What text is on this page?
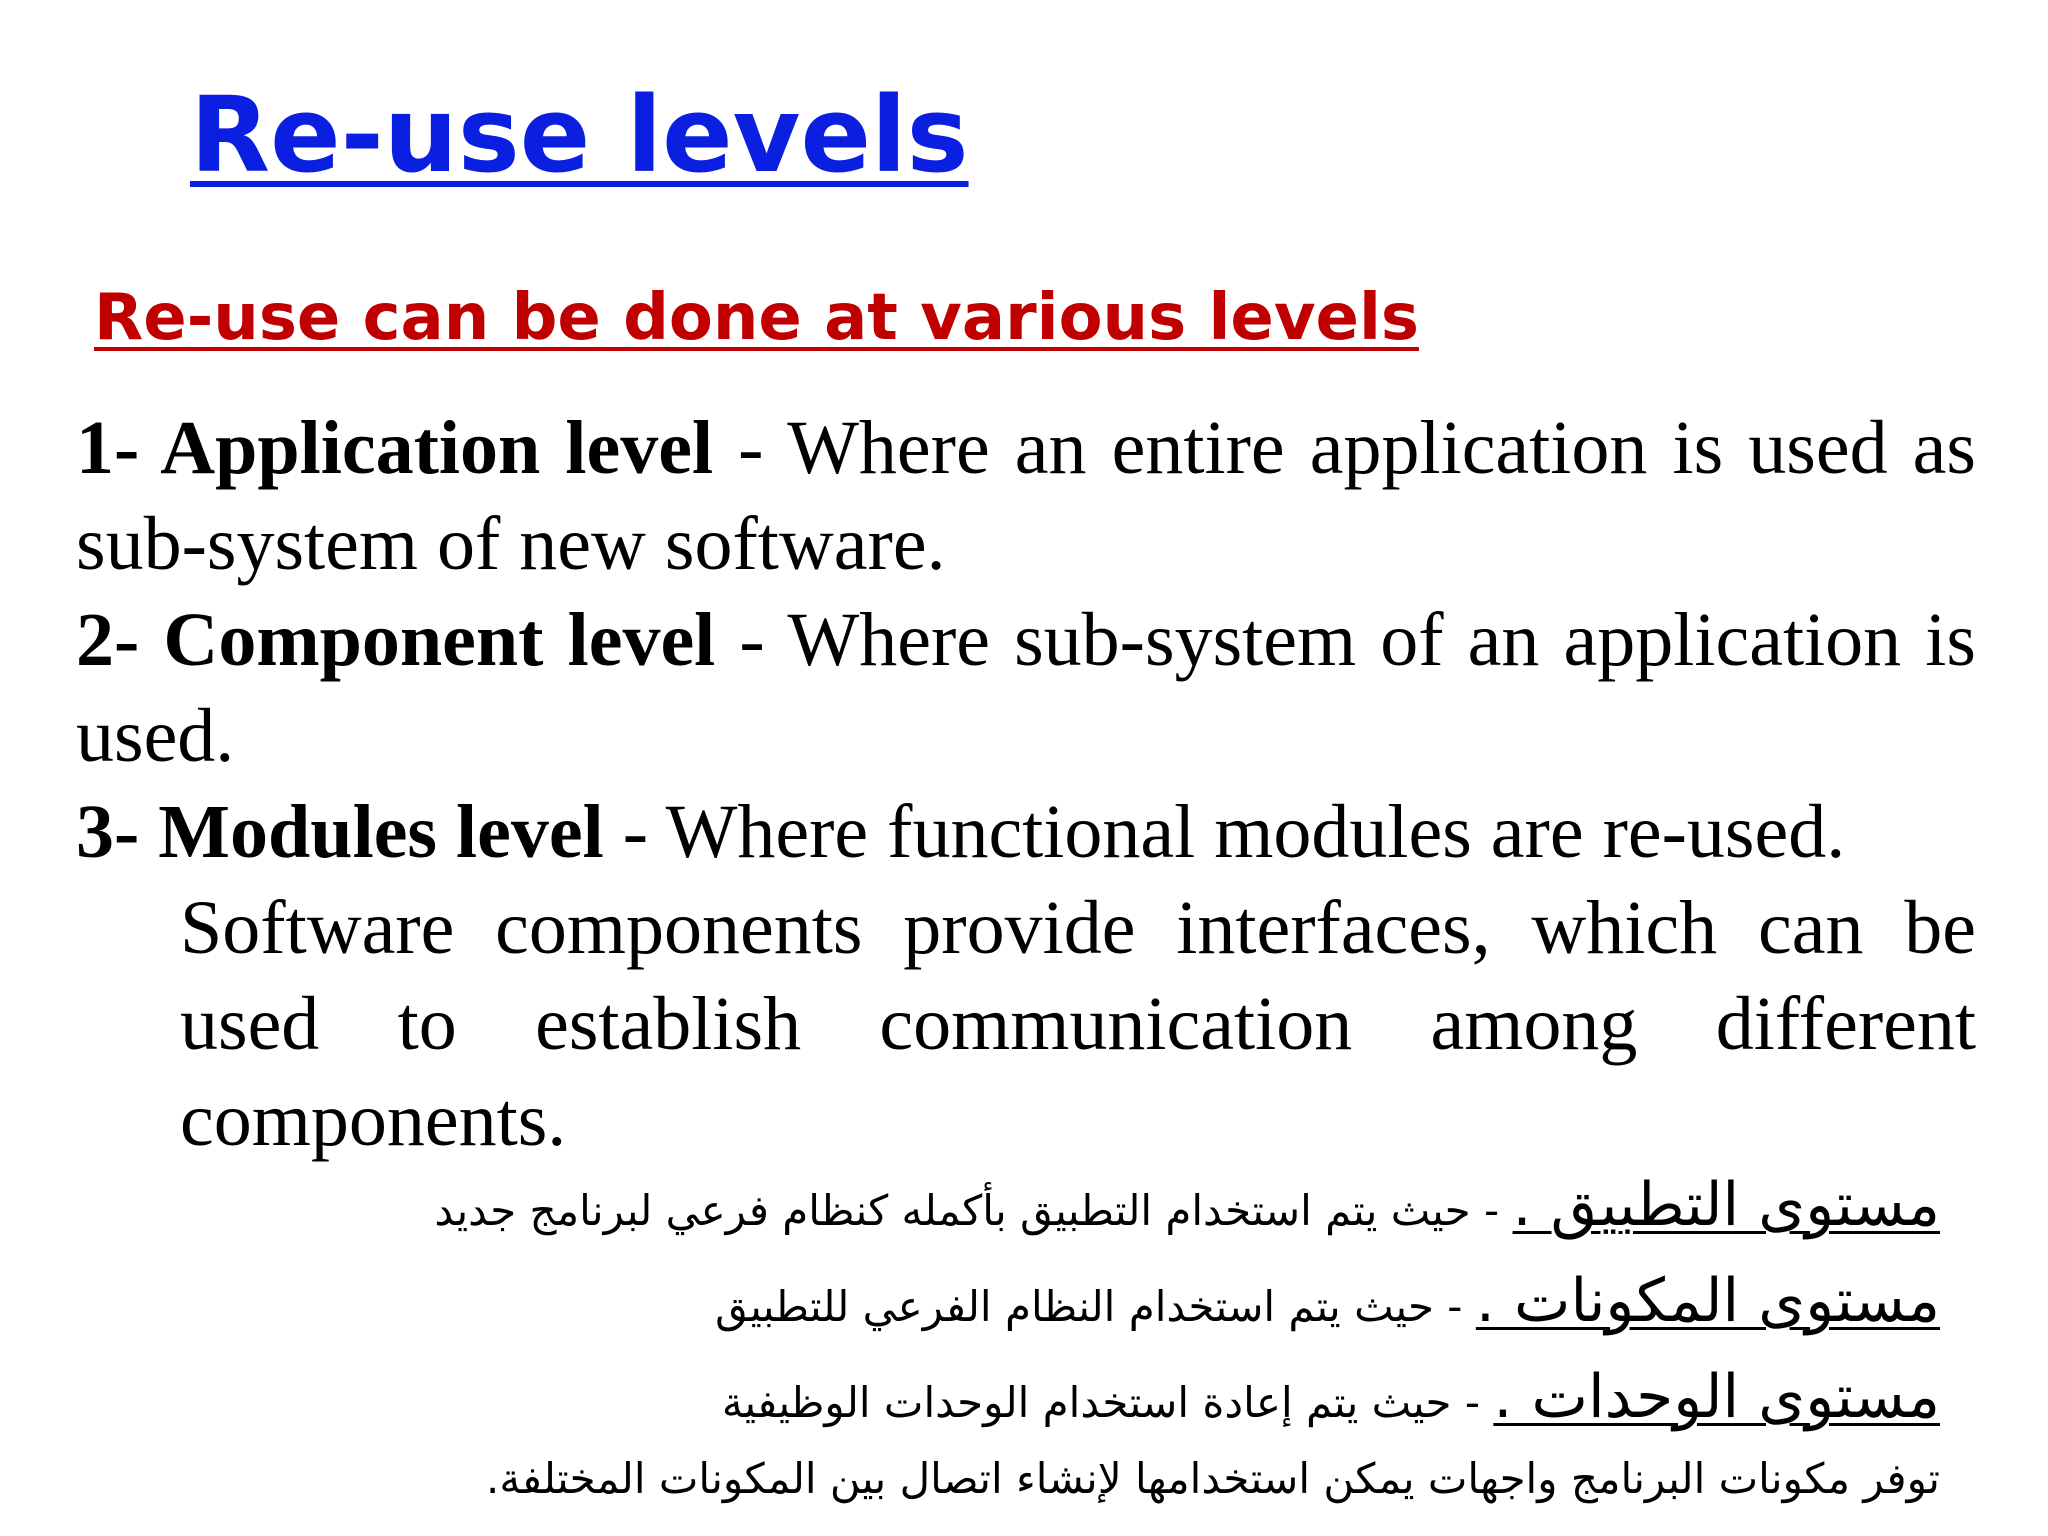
Re-use levels
Re-use can be done at various levels

1- Application level - Where an entire application is used as sub-system of new software.

2- Component level - Where sub-system of an application is used.

3- Modules level - Where functional modules are re-used.

Software components provide interfaces, which can be used to establish communication among different components.

مستوى التطبيق . - حيث يتم استخدام التطبيق بأكمله كنظام فرعي لبرنامج جديد
مستوى المكونات . - حيث يتم استخدام النظام الفرعي للتطبيق
مستوى الوحدات . - حيث يتم إعادة استخدام الوحدات الوظيفية
توفر مكونات البرنامج واجهات يمكن استخدامها لإنشاء اتصال بين المكونات المختلفة.
